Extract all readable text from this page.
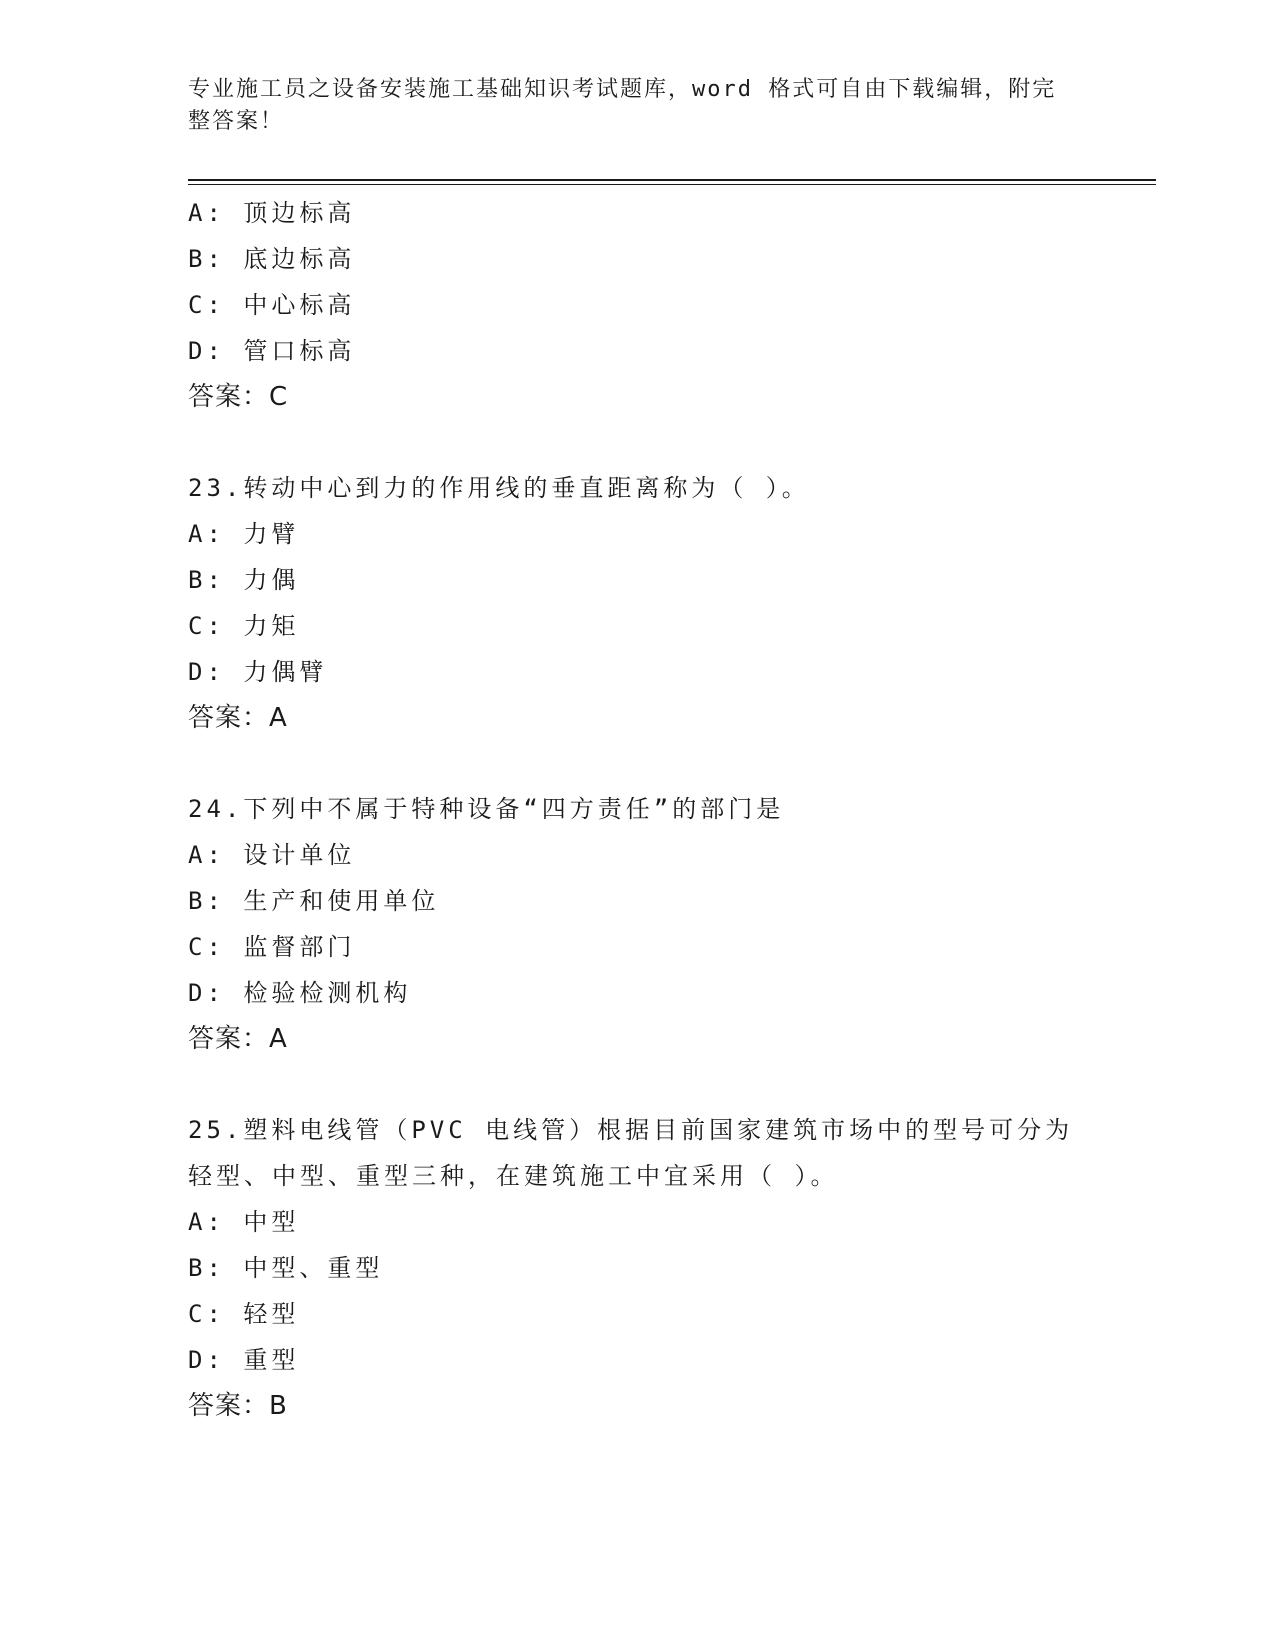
专业施工员之设备安装施工基础知识考试题库，word 格式可自由下载编辑，附完
整答案！
A: 顶边标高
B: 底边标高
C: 中心标高
D: 管口标高
答案：C
23.转动中心到力的作用线的垂直距离称为（ ）。
A: 力臂
B: 力偶
C: 力矩
D: 力偶臂
答案：A
24.下列中不属于特种设备“四方责任”的部门是
A: 设计单位
B: 生产和使用单位
C: 监督部门
D: 检验检测机构
答案：A
25.塑料电线管（PVC 电线管）根据目前国家建筑市场中的型号可分为
轻型、中型、重型三种，在建筑施工中宜采用（ ）。
A: 中型
B: 中型、重型
C: 轻型
D: 重型
答案：B
